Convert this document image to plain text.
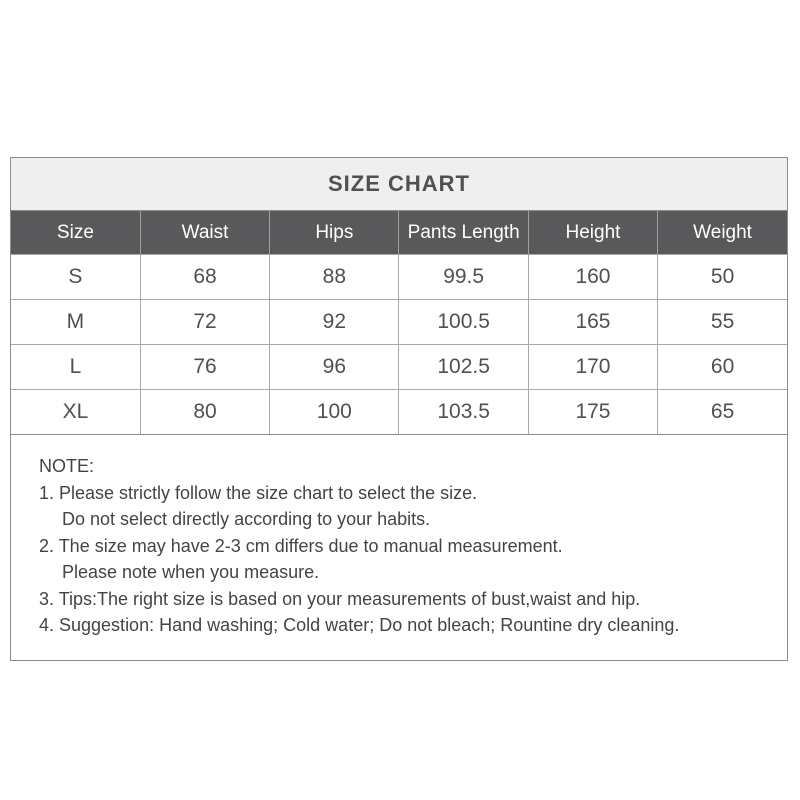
SIZE CHART
Size	Waist	Hips	Pants Length	Height	Weight
S	68	88	99.5	160	50
M	72	92	100.5	165	55
L	76	96	102.5	170	60
XL	80	100	103.5	175	65
NOTE:
1. Please strictly follow the size chart to select the size.
Do not select directly according to your habits.
2. The size may have 2-3 cm differs due to manual measurement.
Please note when you measure.
3. Tips:The right size is based on your measurements of bust,waist and hip.
4. Suggestion: Hand washing; Cold water; Do not bleach; Rountine dry cleaning.
